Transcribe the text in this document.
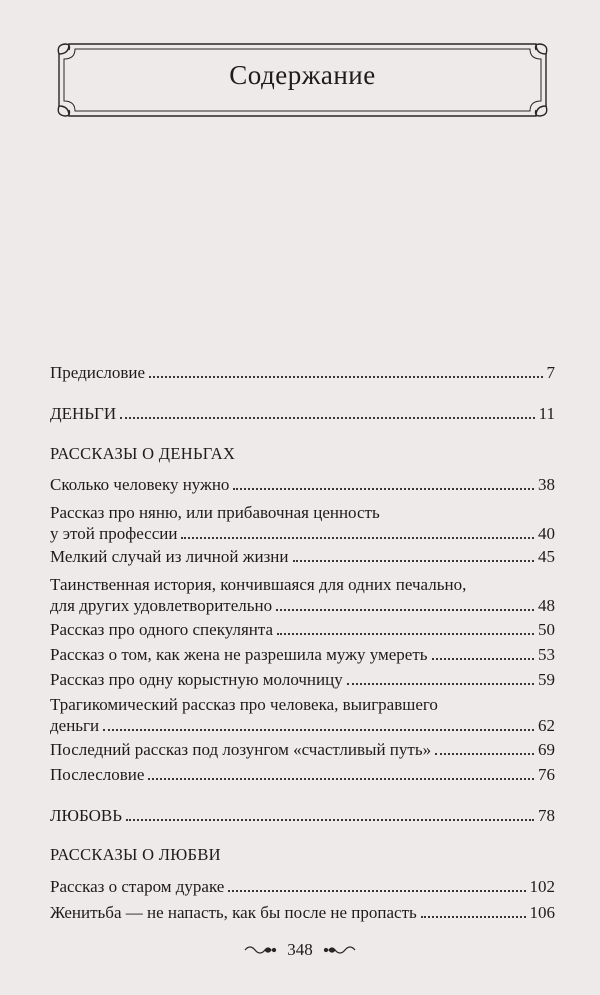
Содержание
Предисловие	7
ДЕНЬГИ	11
РАССКАЗЫ О ДЕНЬГАХ
Сколько человеку нужно	38
Рассказ про няню, или прибавочная ценность
у этой профессии	40
Мелкий случай из личной жизни	45
Таинственная история, кончившаяся для одних печально,
для других удовлетворительно	48
Рассказ про одного спекулянта	50
Рассказ о том, как жена не разрешила мужу умереть	53
Рассказ про одну корыстную молочницу	59
Трагикомический рассказ про человека, выигравшего
деньги	62
Последний рассказ под лозунгом «счастливый путь»	69
Послесловие	76
ЛЮБОВЬ	78
РАССКАЗЫ О ЛЮБВИ
Рассказ о старом дураке	102
Женитьба — не напасть, как бы после не пропасть	106
348
